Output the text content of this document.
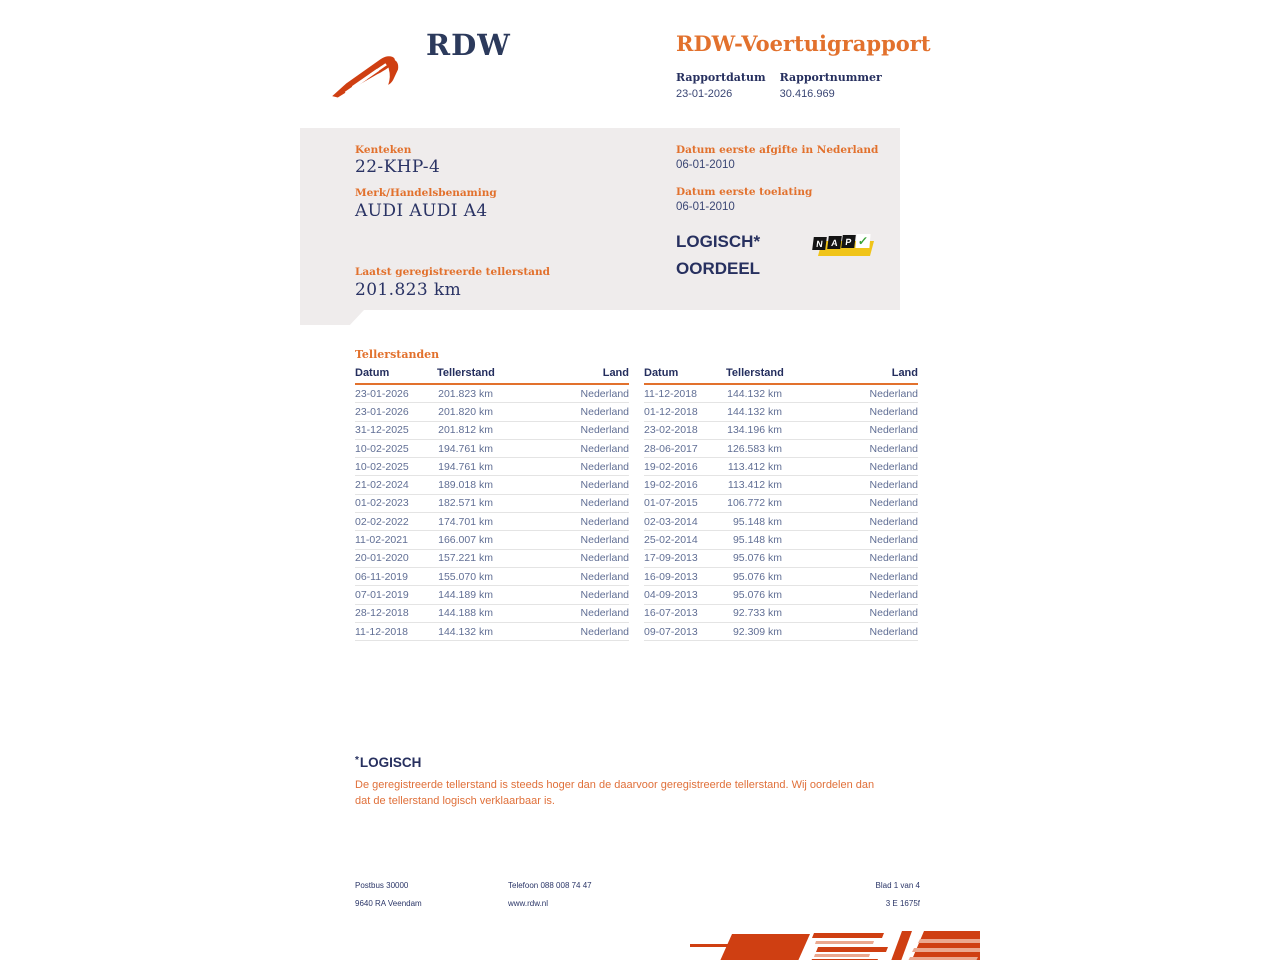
RDW	RDW-Voertuigrapport
Rapportdatum
23-01-2026
Rapportnummer
30.416.969
Kenteken
22-KHP-4
Merk/Handelsbenaming
AUDI AUDI A4
Laatst geregistreerde tellerstand
201.823 km
Datum eerste afgifte in Nederland
06-01-2010
Datum eerste toelating
06-01-2010
LOGISCH*
OORDEEL
N A P ✓
Tellerstanden
Datum	Tellerstand	Land
23-01-2026	201.823 km	Nederland
23-01-2026	201.820 km	Nederland
31-12-2025	201.812 km	Nederland
10-02-2025	194.761 km	Nederland
10-02-2025	194.761 km	Nederland
21-02-2024	189.018 km	Nederland
01-02-2023	182.571 km	Nederland
02-02-2022	174.701 km	Nederland
11-02-2021	166.007 km	Nederland
20-01-2020	157.221 km	Nederland
06-11-2019	155.070 km	Nederland
07-01-2019	144.189 km	Nederland
28-12-2018	144.188 km	Nederland
11-12-2018	144.132 km	Nederland
Datum	Tellerstand	Land
11-12-2018	144.132 km	Nederland
01-12-2018	144.132 km	Nederland
23-02-2018	134.196 km	Nederland
28-06-2017	126.583 km	Nederland
19-02-2016	113.412 km	Nederland
19-02-2016	113.412 km	Nederland
01-07-2015	106.772 km	Nederland
02-03-2014	95.148 km	Nederland
25-02-2014	95.148 km	Nederland
17-09-2013	95.076 km	Nederland
16-09-2013	95.076 km	Nederland
04-09-2013	95.076 km	Nederland
16-07-2013	92.733 km	Nederland
09-07-2013	92.309 km	Nederland
*LOGISCH
De geregistreerde tellerstand is steeds hoger dan de daarvoor geregistreerde tellerstand. Wij oordelen dan dat de tellerstand logisch verklaarbaar is.
Postbus 30000
9640 RA Veendam
Telefoon 088 008 74 47
www.rdw.nl
Blad 1 van 4
3 E 1675f
